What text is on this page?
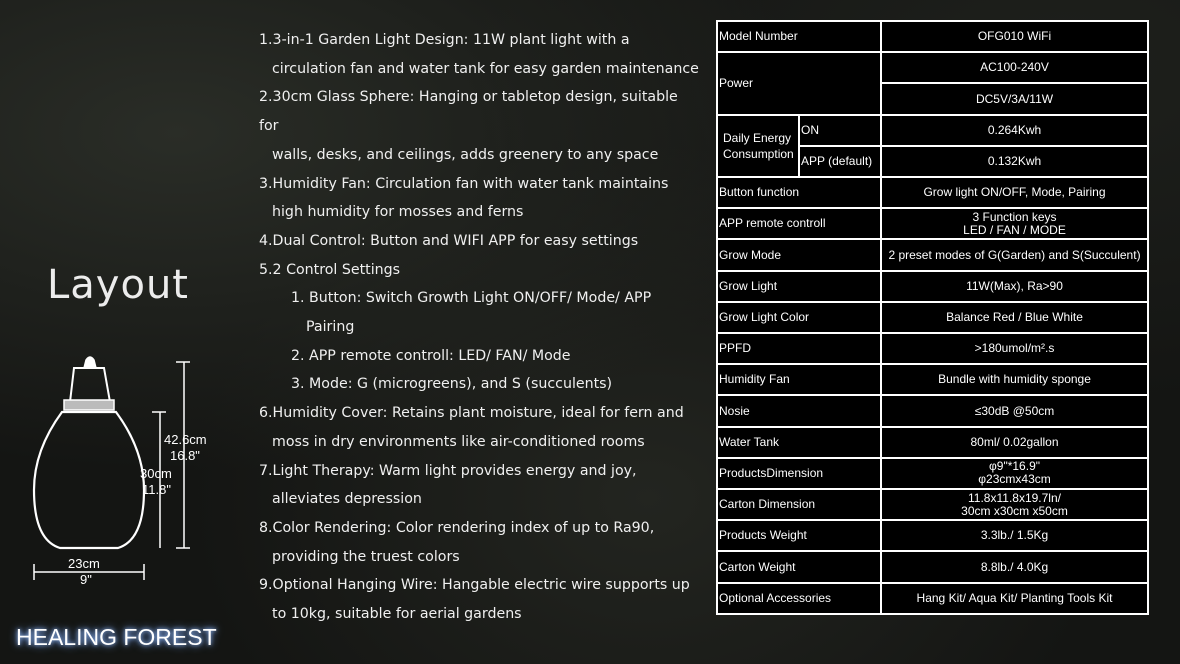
Layout
42.6cm
16.8"
30cm
11.8"
23cm
9"
HEALING FOREST
1.3-in-1 Garden Light Design: 11W plant light with a
circulation fan and water tank for easy garden maintenance
2.30cm Glass Sphere: Hanging or tabletop design, suitable for
walls, desks, and ceilings, adds greenery to any space
3.Humidity Fan: Circulation fan with water tank maintains
high humidity for mosses and ferns
4.Dual Control: Button and WIFI APP for easy settings
5.2 Control Settings
1. Button: Switch Growth Light ON/OFF/ Mode/ APP
Pairing
2. APP remote controll: LED/ FAN/ Mode
3. Mode: G (microgreens), and S (succulents)
6.Humidity Cover: Retains plant moisture, ideal for fern and
moss in dry environments like air-conditioned rooms
7.Light Therapy: Warm light provides energy and joy,
alleviates depression
8.Color Rendering: Color rendering index of up to Ra90,
providing the truest colors
9.Optional Hanging Wire: Hangable electric wire supports up
to 10kg, suitable for aerial gardens
Model Number		OFG010 WiFi
Power		AC100-240V
		DC5V/3A/11W
Daily Energy
Consumption	ON	0.264Kwh
	APP (default)	0.132Kwh
Button function		Grow light ON/OFF, Mode, Pairing
APP remote controll		3 Function keys
LED / FAN / MODE
Grow Mode		2 preset modes of G(Garden) and S(Succulent)
Grow Light		11W(Max), Ra>90
Grow Light Color		Balance Red / Blue White
PPFD		>180umol/m².s
Humidity Fan		Bundle with humidity sponge
Nosie		≤30dB @50cm
Water Tank		80ml/ 0.02gallon
ProductsDimension		φ9"*16.9"
φ23cmx43cm
Carton Dimension		11.8x11.8x19.7ln/
30cm x30cm x50cm
Products Weight		3.3lb./ 1.5Kg
Carton Weight		8.8lb./ 4.0Kg
Optional Accessories		Hang Kit/ Aqua Kit/ Planting Tools Kit
